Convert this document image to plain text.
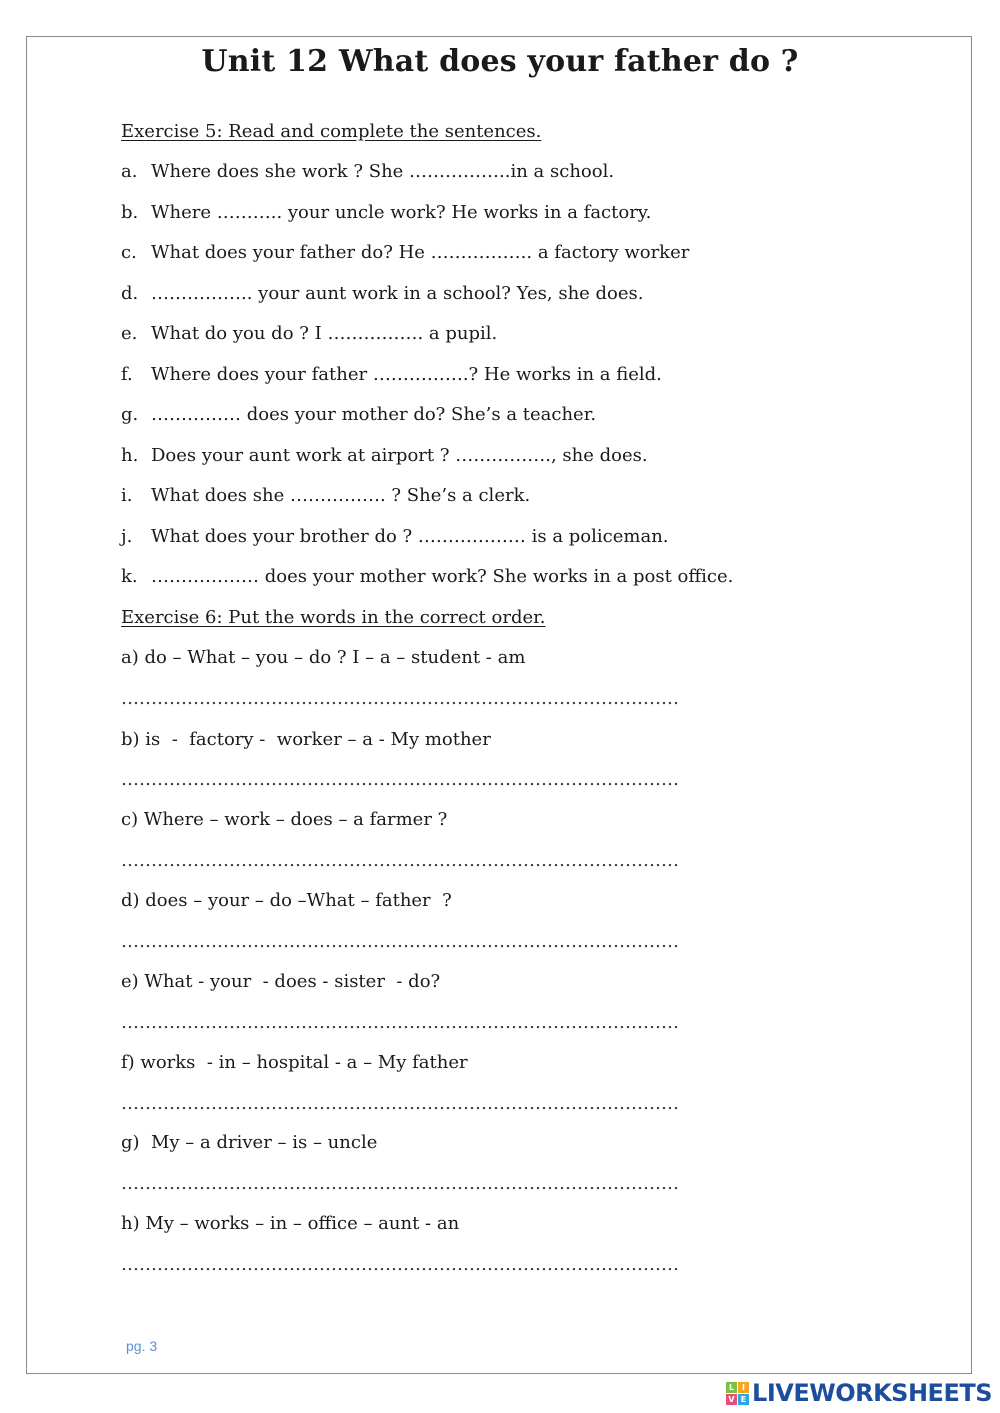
Unit 12 What does your father do ?

Exercise 5: Read and complete the sentences.

a. Where does she work ? She ……………..in a school.

b. Where ……….. your uncle work? He works in a factory.

c. What does your father do? He …………….. a factory worker

d. …………….. your aunt work in a school? Yes, she does.

e. What do you do ? I ……………. a pupil.

f. Where does your father …………….? He works in a field.

g. …………… does your mother do? She’s a teacher.

h. Does your aunt work at airport ? ……………., she does.

i. What does she ……………. ? She’s a clerk.

j. What does your brother do ? ……………… is a policeman.

k. ……………… does your mother work? She works in a post office.

Exercise 6: Put the words in the correct order.

a) do – What – you – do ? I – a – student - am

…………………………………………………………………………………

b) is  -  factory -  worker – a - My mother

…………………………………………………………………………………

c) Where – work – does – a farmer ?

…………………………………………………………………………………

d) does – your – do –What – father  ?

…………………………………………………………………………………

e) What - your  - does - sister  - do?

…………………………………………………………………………………

f) works  - in – hospital - a – My father

…………………………………………………………………………………

g)  My – a driver – is – uncle

…………………………………………………………………………………

h) My – works – in – office – aunt - an

…………………………………………………………………………………

pg. 3
L I
V E LIVEWORKSHEETS
